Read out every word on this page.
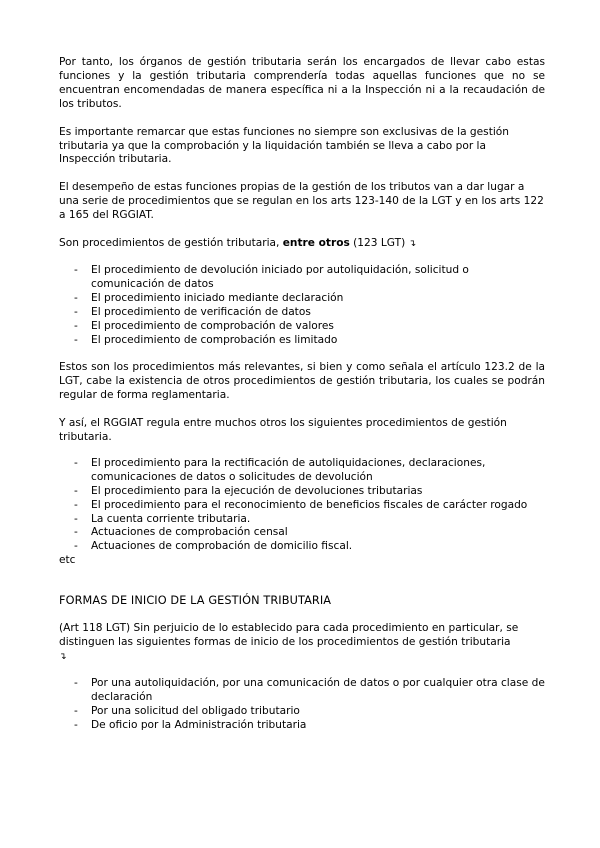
Por tanto, los órganos de gestión tributaria serán los encargados de llevar cabo estas funciones y la gestión tributaria comprendería todas aquellas funciones que no se encuentran encomendadas de manera específica ni a la Inspección ni a la recaudación de los tributos.

Es importante remarcar que estas funciones no siempre son exclusivas de la gestión tributaria ya que la comprobación y la liquidación también se lleva a cabo por la Inspección tributaria.

El desempeño de estas funciones propias de la gestión de los tributos van a dar lugar a una serie de procedimientos que se regulan en los arts 123-140 de la LGT y en los arts 122 a 165 del RGGIAT.

Son procedimientos de gestión tributaria, entre otros (123 LGT) ↴

- El procedimiento de devolución iniciado por autoliquidación, solicitud o comunicación de datos
- El procedimiento iniciado mediante declaración
- El procedimiento de verificación de datos
- El procedimiento de comprobación de valores
- El procedimiento de comprobación es limitado

Estos son los procedimientos más relevantes, si bien y como señala el artículo 123.2 de la LGT, cabe la existencia de otros procedimientos de gestión tributaria, los cuales se podrán regular de forma reglamentaria.

Y así, el RGGIAT regula entre muchos otros los siguientes procedimientos de gestión tributaria.

- El procedimiento para la rectificación de autoliquidaciones, declaraciones, comunicaciones de datos o solicitudes de devolución
- El procedimiento para la ejecución de devoluciones tributarias
- El procedimiento para el reconocimiento de beneficios fiscales de carácter rogado
- La cuenta corriente tributaria.
- Actuaciones de comprobación censal
- Actuaciones de comprobación de domicilio fiscal.

etc

FORMAS DE INICIO DE LA GESTIÓN TRIBUTARIA

(Art 118 LGT) Sin perjuicio de lo establecido para cada procedimiento en particular, se distinguen las siguientes formas de inicio de los procedimientos de gestión tributaria
↴

- Por una autoliquidación, por una comunicación de datos o por cualquier otra clase de declaración
- Por una solicitud del obligado tributario
- De oficio por la Administración tributaria
